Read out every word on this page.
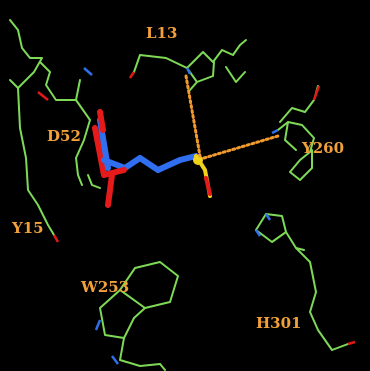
L13
D52
Y260
Y15
W253
H301
